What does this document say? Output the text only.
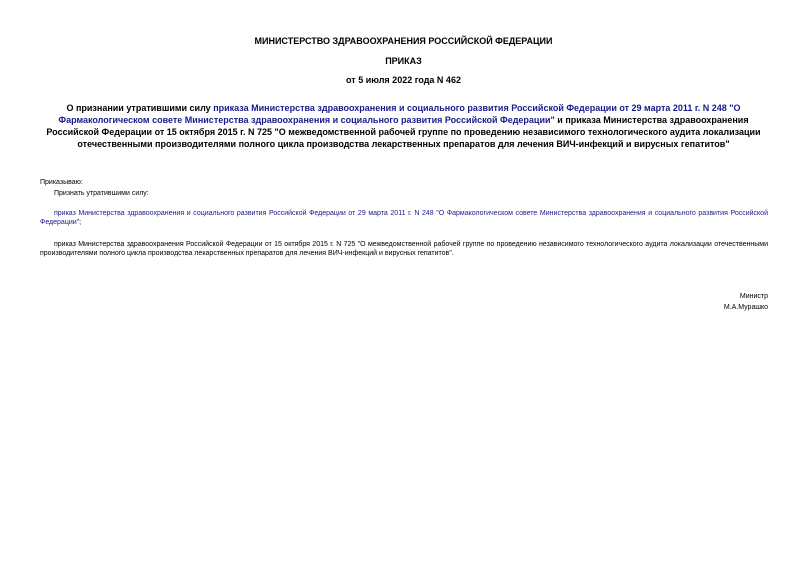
МИНИСТЕРСТВО ЗДРАВООХРАНЕНИЯ РОССИЙСКОЙ ФЕДЕРАЦИИ
ПРИКАЗ
от 5 июля 2022 года N 462
О признании утратившими силу приказа Министерства здравоохранения и социального развития Российской Федерации от 29 марта 2011 г. N 248 "О Фармакологическом совете Министерства здравоохранения и социального развития Российской Федерации" и приказа Министерства здравоохранения Российской Федерации от 15 октября 2015 г. N 725 "О межведомственной рабочей группе по проведению независимого технологического аудита локализации отечественными производителями полного цикла производства лекарственных препаратов для лечения ВИЧ-инфекций и вирусных гепатитов"
Приказываю:
Признать утратившими силу:
приказ Министерства здравоохранения и социального развития Российской Федерации от 29 марта 2011 г. N 248 "О Фармакологическом совете Министерства здравоохранения и социального развития Российской Федерации";
приказ Министерства здравоохранения Российской Федерации от 15 октября 2015 г. N 725 "О межведомственной рабочей группе по проведению независимого технологического аудита локализации отечественными производителями полного цикла производства лекарственных препаратов для лечения ВИЧ-инфекций и вирусных гепатитов".
Министр
М.А.Мурашко
